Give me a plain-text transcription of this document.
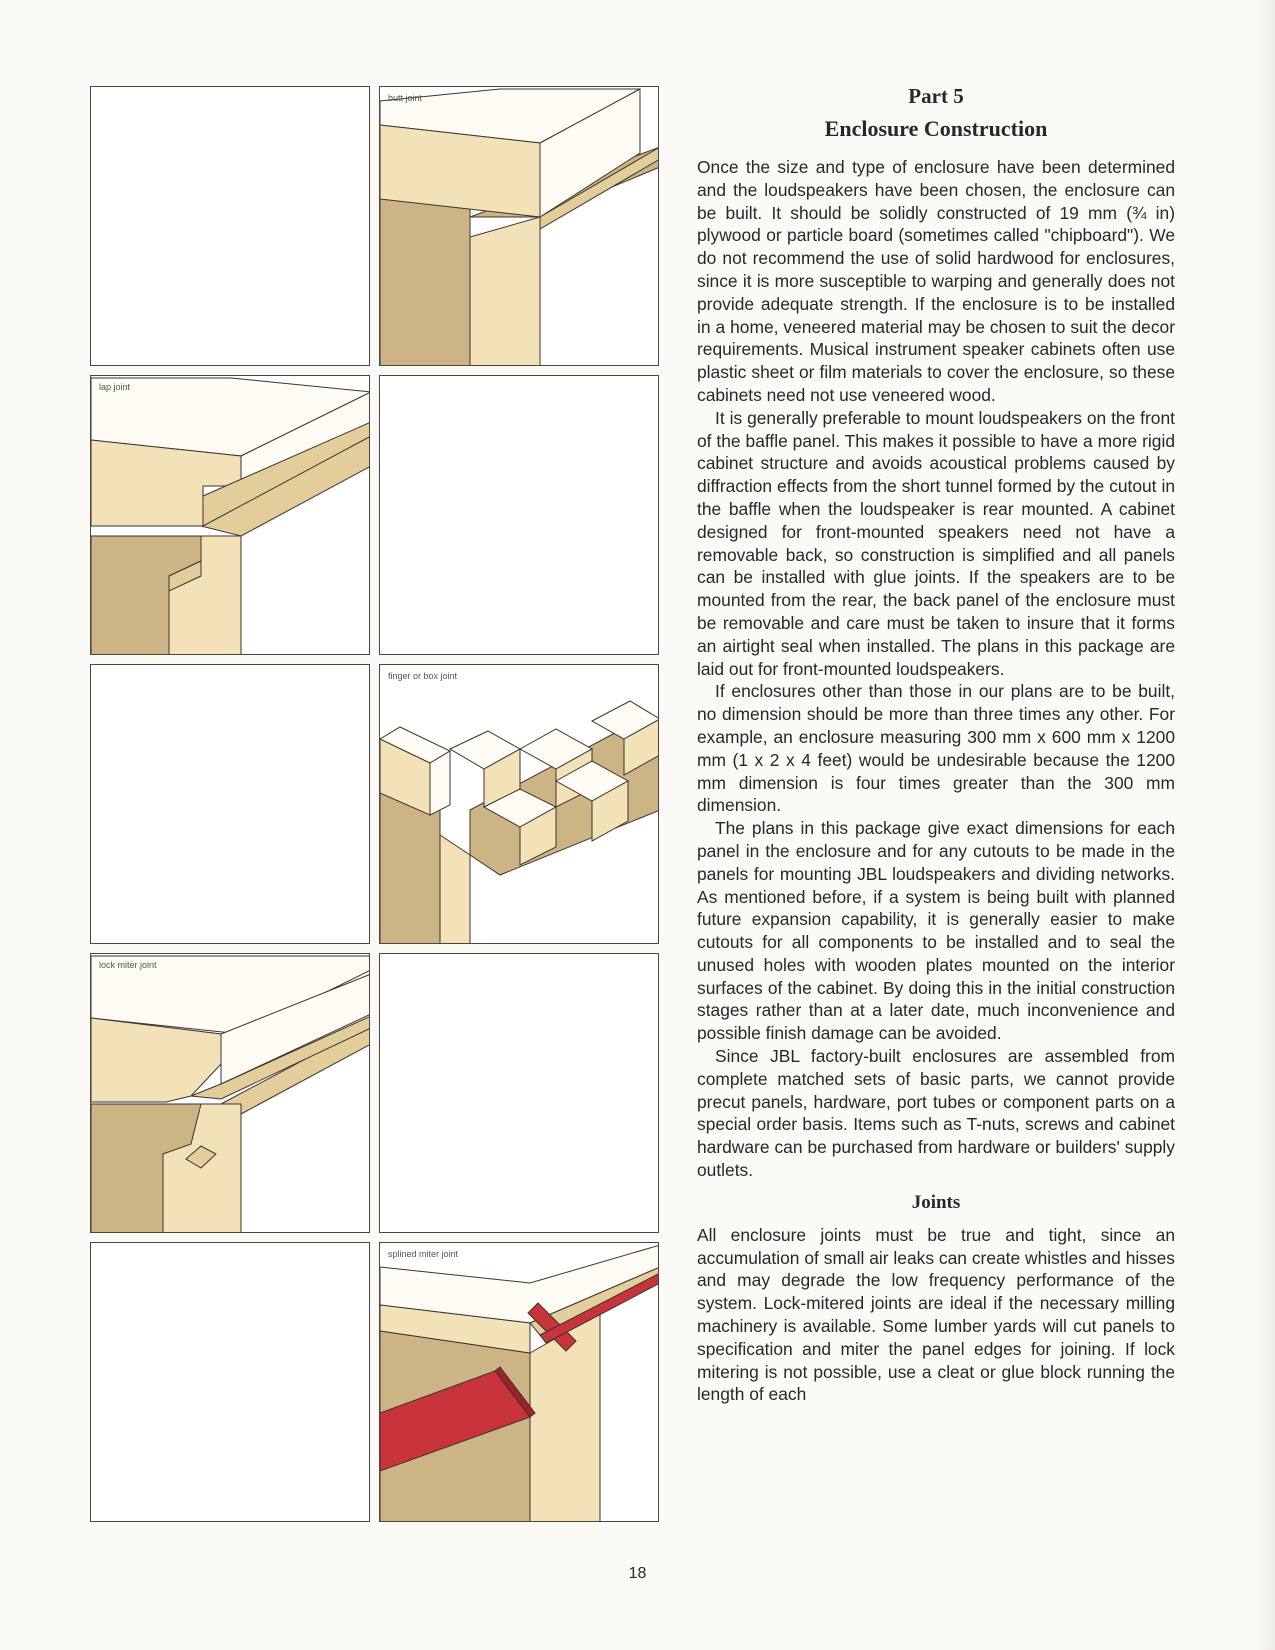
butt joint
lap joint
finger or box joint
lock miter joint
splined miter joint
Part 5
Enclosure Construction

Once the size and type of enclosure have been determined and the loudspeakers have been chosen, the enclosure can be built. It should be solidly constructed of 19 mm (¾ in) plywood or particle board (sometimes called "chipboard"). We do not recommend the use of solid hardwood for enclosures, since it is more susceptible to warping and generally does not provide adequate strength. If the enclosure is to be installed in a home, veneered material may be chosen to suit the decor requirements. Musical instrument speaker cabinets often use plastic sheet or film materials to cover the enclosure, so these cabinets need not use veneered wood.

It is generally preferable to mount loudspeakers on the front of the baffle panel. This makes it possible to have a more rigid cabinet structure and avoids acoustical problems caused by diffraction effects from the short tunnel formed by the cutout in the baffle when the loudspeaker is rear mounted. A cabinet designed for front-mounted speakers need not have a removable back, so construction is simplified and all panels can be installed with glue joints. If the speakers are to be mounted from the rear, the back panel of the enclosure must be removable and care must be taken to insure that it forms an airtight seal when installed. The plans in this package are laid out for front-mounted loudspeakers.

If enclosures other than those in our plans are to be built, no dimension should be more than three times any other. For example, an enclosure measuring 300 mm x 600 mm x 1200 mm (1 x 2 x 4 feet) would be undesirable because the 1200 mm dimension is four times greater than the 300 mm dimension.

The plans in this package give exact dimensions for each panel in the enclosure and for any cutouts to be made in the panels for mounting JBL loudspeakers and dividing networks. As mentioned before, if a system is being built with planned future expansion capability, it is generally easier to make cutouts for all components to be installed and to seal the unused holes with wooden plates mounted on the interior surfaces of the cabinet. By doing this in the initial construction stages rather than at a later date, much inconvenience and possible finish damage can be avoided.

Since JBL factory-built enclosures are assembled from complete matched sets of basic parts, we cannot provide precut panels, hardware, port tubes or component parts on a special order basis. Items such as T-nuts, screws and cabinet hardware can be purchased from hardware or builders' supply outlets.

Joints

All enclosure joints must be true and tight, since an accumulation of small air leaks can create whistles and hisses and may degrade the low frequency performance of the system. Lock-mitered joints are ideal if the necessary milling machinery is available. Some lumber yards will cut panels to specification and miter the panel edges for joining. If lock mitering is not possible, use a cleat or glue block running the length of each

18
